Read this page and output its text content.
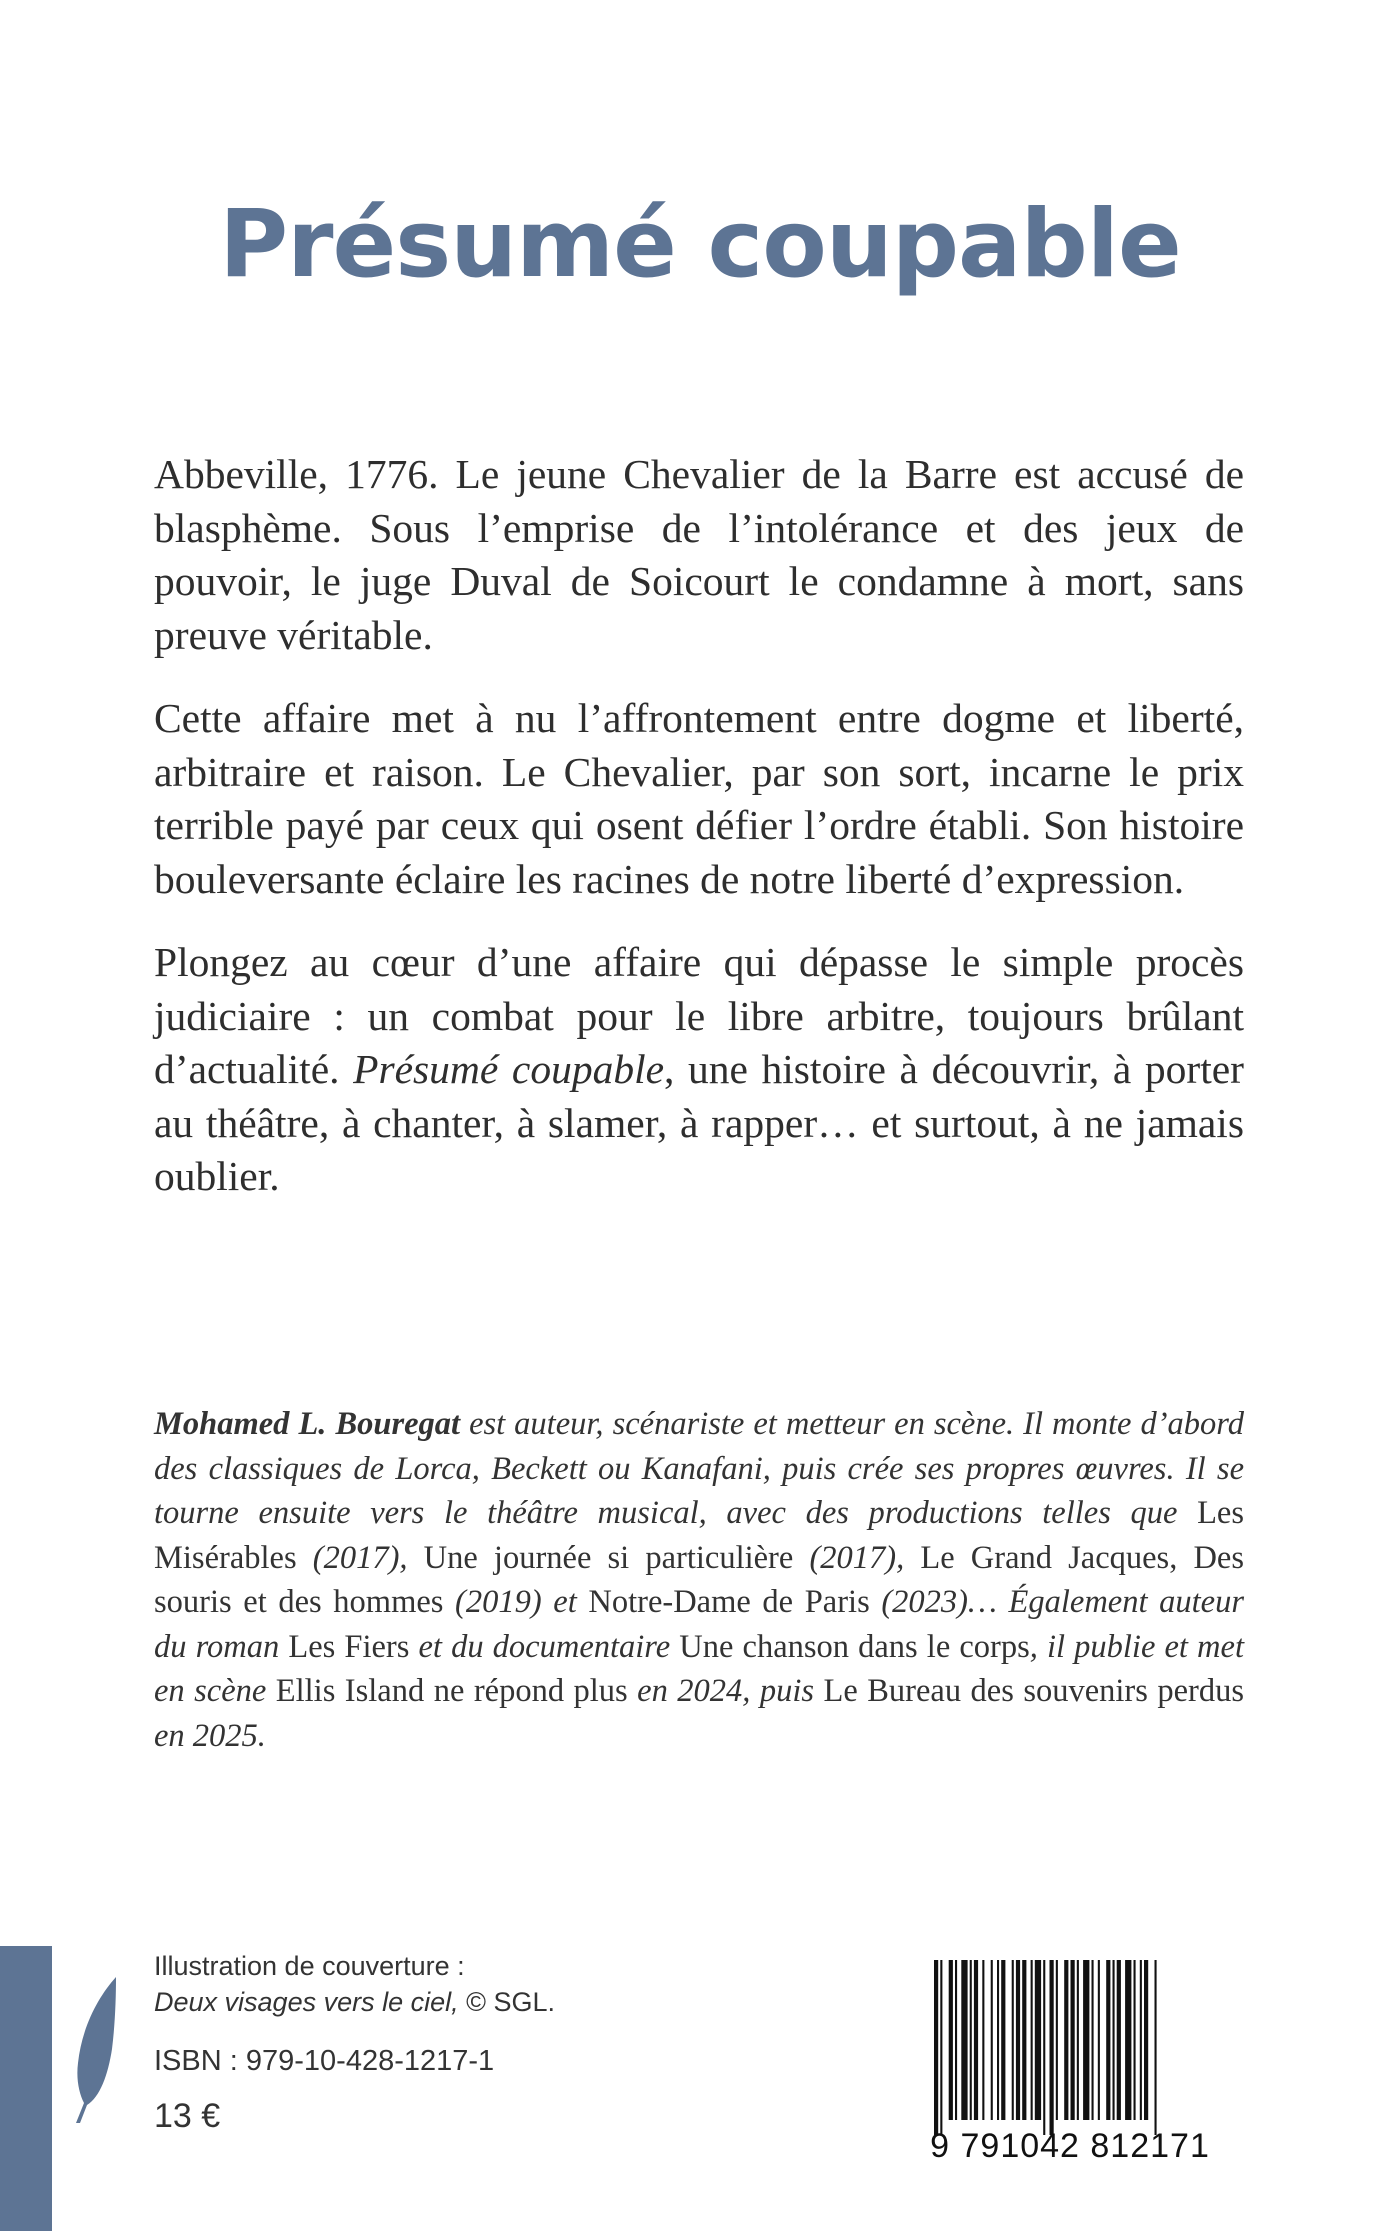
Présumé coupable

Abbeville, 1776. Le jeune Chevalier de la Barre est accusé de blasphème. Sous l’emprise de l’intolérance et des jeux de pouvoir, le juge Duval de Soicourt le condamne à mort, sans preuve véritable.

Cette affaire met à nu l’affrontement entre dogme et liberté, arbitraire et raison. Le Chevalier, par son sort, incarne le prix terrible payé par ceux qui osent défier l’ordre établi. Son histoire bouleversante éclaire les racines de notre liberté d’expression.

Plongez au cœur d’une affaire qui dépasse le simple procès judiciaire : un combat pour le libre arbitre, toujours brûlant d’actualité. Présumé coupable, une histoire à découvrir, à porter au théâtre, à chanter, à slamer, à rapper… et surtout, à ne jamais oublier.

Mohamed L. Bouregat est auteur, scénariste et metteur en scène. Il monte d’abord des classiques de Lorca, Beckett ou Kanafani, puis crée ses propres œuvres. Il se tourne ensuite vers le théâtre musical, avec des productions telles que Les Misérables (2017), Une journée si particulière (2017), Le Grand Jacques, Des souris et des hommes (2019) et Notre-Dame de Paris (2023)… Également auteur du roman Les Fiers et du documentaire Une chanson dans le corps, il publie et met en scène Ellis Island ne répond plus en 2024, puis Le Bureau des souvenirs perdus en 2025.

Illustration de couverture :
Deux visages vers le ciel, © SGL.
ISBN : 979-10-428-1217-1
13 €
9 791042 812171
